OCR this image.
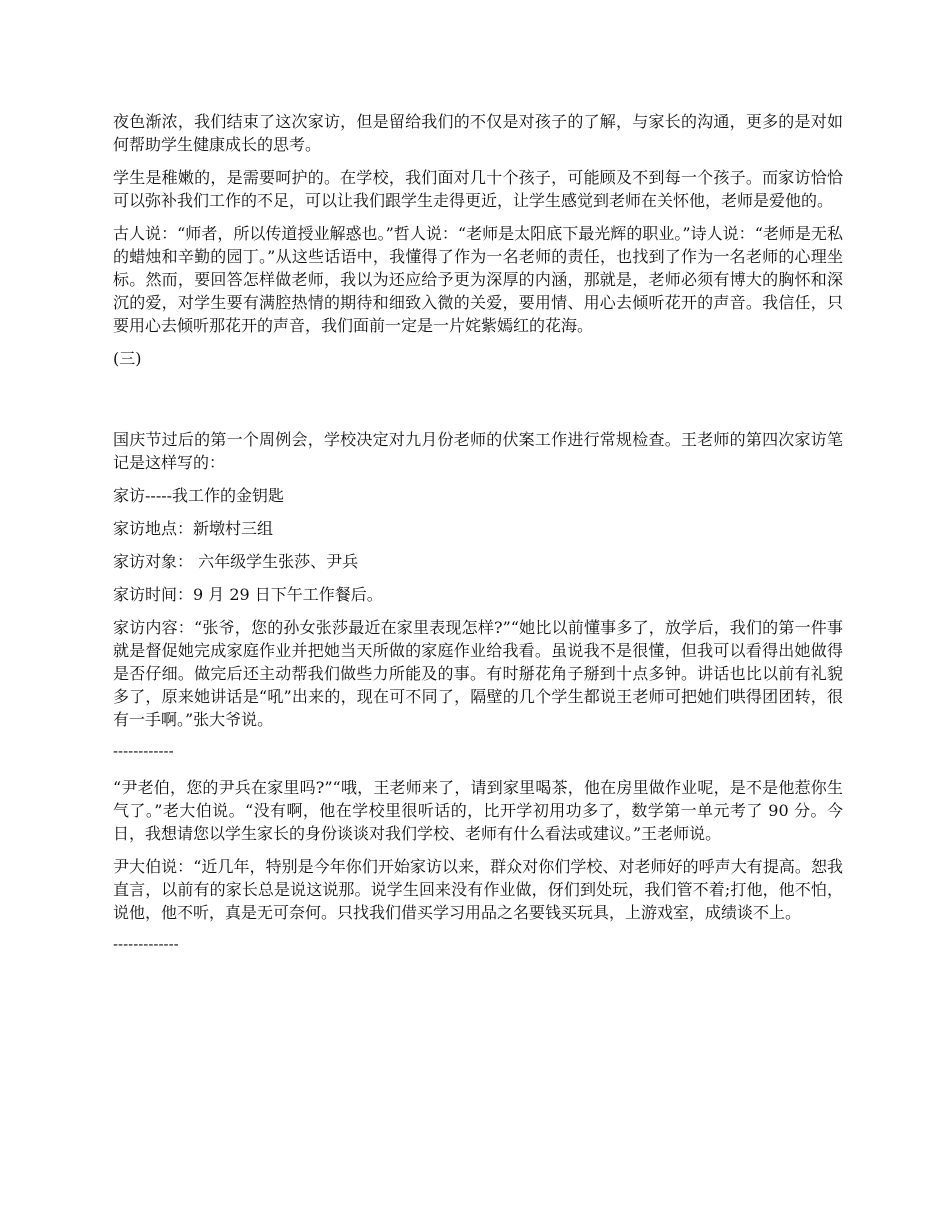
夜色渐浓，我们结束了这次家访，但是留给我们的不仅是对孩子的了解，与家长的沟通，更多的是对如何帮助学生健康成长的思考。

学生是稚嫩的，是需要呵护的。在学校，我们面对几十个孩子，可能顾及不到每一个孩子。而家访恰恰可以弥补我们工作的不足，可以让我们跟学生走得更近，让学生感觉到老师在关怀他，老师是爱他的。

古人说：“师者，所以传道授业解惑也。”哲人说：“老师是太阳底下最光辉的职业。”诗人说：“老师是无私的蜡烛和辛勤的园丁。”从这些话语中，我懂得了作为一名老师的责任，也找到了作为一名老师的心理坐标。然而，要回答怎样做老师，我以为还应给予更为深厚的内涵，那就是，老师必须有博大的胸怀和深沉的爱，对学生要有满腔热情的期待和细致入微的关爱，要用情、用心去倾听花开的声音。我信任，只要用心去倾听那花开的声音，我们面前一定是一片姹紫嫣红的花海。

(三)

国庆节过后的第一个周例会，学校决定对九月份老师的伏案工作进行常规检查。王老师的第四次家访笔记是这样写的：

家访-----我工作的金钥匙

家访地点：新墩村三组

家访对象： 六年级学生张莎、尹兵

家访时间：9 月 29 日下午工作餐后。

家访内容：“张爷，您的孙女张莎最近在家里表现怎样?”“她比以前懂事多了，放学后，我们的第一件事就是督促她完成家庭作业并把她当天所做的家庭作业给我看。虽说我不是很懂，但我可以看得出她做得是否仔细。做完后还主动帮我们做些力所能及的事。有时掰花角子掰到十点多钟。讲话也比以前有礼貌多了，原来她讲话是“吼”出来的，现在可不同了，隔壁的几个学生都说王老师可把她们哄得团团转，很有一手啊。”张大爷说。

------------

“尹老伯，您的尹兵在家里吗?”“哦，王老师来了，请到家里喝茶，他在房里做作业呢，是不是他惹你生气了。”老大伯说。“没有啊，他在学校里很听话的，比开学初用功多了，数学第一单元考了 90 分。今日，我想请您以学生家长的身份谈谈对我们学校、老师有什么看法或建议。”王老师说。

尹大伯说：“近几年，特别是今年你们开始家访以来，群众对你们学校、对老师好的呼声大有提高。恕我直言，以前有的家长总是说这说那。说学生回来没有作业做，伢们到处玩，我们管不着;打他，他不怕，说他，他不听，真是无可奈何。只找我们借买学习用品之名要钱买玩具，上游戏室，成绩谈不上。

-------------
